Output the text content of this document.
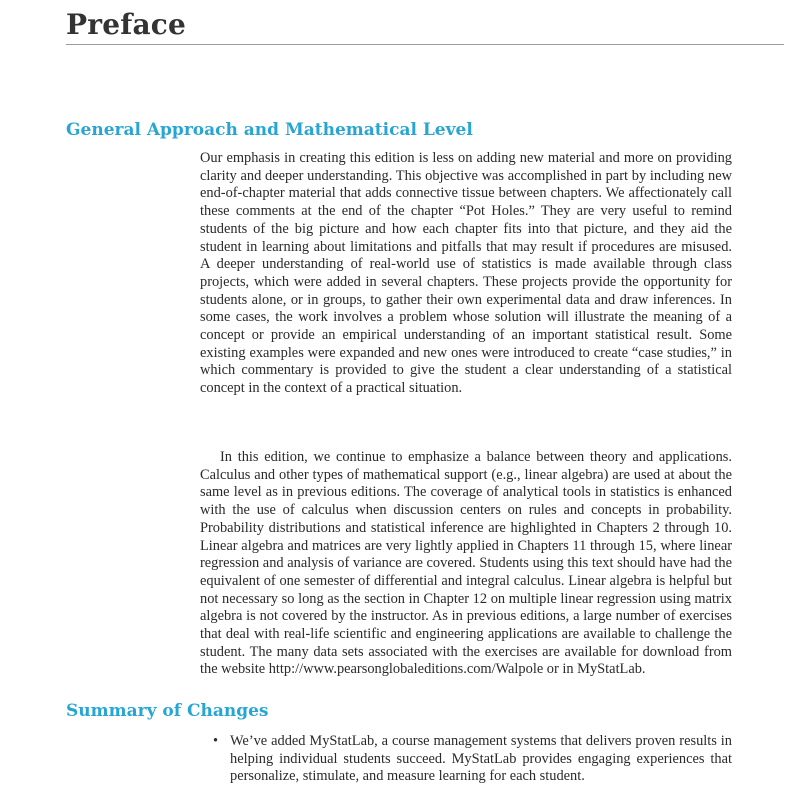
Preface
General Approach and Mathematical Level

Our emphasis in creating this edition is less on adding new material and more on providing clarity and deeper understanding. This objective was accomplished in part by including new end-of-chapter material that adds connective tissue between chapters. We affectionately call these comments at the end of the chapter “Pot Holes.” They are very useful to remind students of the big picture and how each chapter fits into that picture, and they aid the student in learning about limitations and pitfalls that may result if procedures are misused. A deeper understanding of real-world use of statistics is made available through class projects, which were added in several chapters. These projects provide the opportunity for students alone, or in groups, to gather their own experimental data and draw inferences. In some cases, the work involves a problem whose solution will illustrate the meaning of a concept or provide an empirical understanding of an important statistical result. Some existing examples were expanded and new ones were introduced to create “case studies,” in which commentary is provided to give the student a clear understanding of a statistical concept in the context of a practical situation.

In this edition, we continue to emphasize a balance between theory and applications. Calculus and other types of mathematical support (e.g., linear algebra) are used at about the same level as in previous editions. The coverage of analytical tools in statistics is enhanced with the use of calculus when discussion centers on rules and concepts in probability. Probability distributions and statistical inference are highlighted in Chapters 2 through 10. Linear algebra and matrices are very lightly applied in Chapters 11 through 15, where linear regression and analysis of variance are covered. Students using this text should have had the equivalent of one semester of differential and integral calculus. Linear algebra is helpful but not necessary so long as the section in Chapter 12 on multiple linear regression using matrix algebra is not covered by the instructor. As in previous editions, a large number of exercises that deal with real-life scientific and engineering applications are available to challenge the student. The many data sets associated with the exercises are available for download from the website http://www.pearsonglobaleditions.com/Walpole or in MyStatLab.

Summary of Changes
• We’ve added MyStatLab, a course management systems that delivers proven results in helping individual students succeed. MyStatLab provides engaging experiences that personalize, stimulate, and measure learning for each student.
